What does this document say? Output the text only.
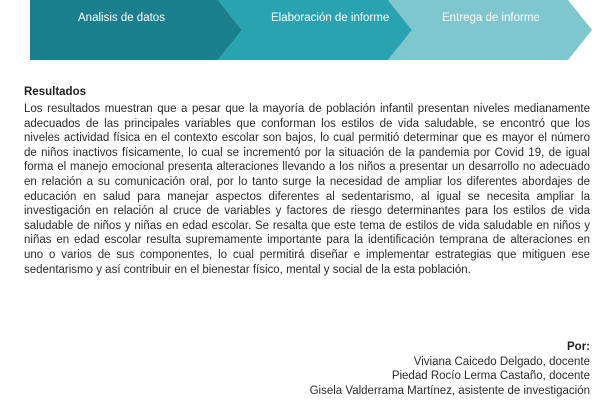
Analisis de datos	Elaboración de informe	Entrega de informe
Resultados

Los resultados muestran que a pesar que la mayoría de población infantil presentan niveles medianamente adecuados de las principales variables que conforman los estilos de vida saludable, se encontró que los niveles actividad física en el contexto escolar son bajos, lo cual permitió determinar que es mayor el número de niños inactivos físicamente, lo cual se incrementó por la situación de la pandemia por Covid 19, de igual forma el manejo emocional presenta alteraciones llevando a los niños a presentar un desarrollo no adecuado en relación a su comunicación oral, por lo tanto surge la necesidad de ampliar los diferentes abordajes de educación en salud para manejar aspectos diferentes al sedentarismo, al igual se necesita ampliar la investigación en relación al cruce de variables y factores de riesgo determinantes para los estilos de vida saludable de niños y niñas en edad escolar. Se resalta que este tema de estilos de vida saludable en niños y niñas en edad escolar resulta supremamente importante para la identificación temprana de alteraciones en uno o varios de sus componentes, lo cual permitirá diseñar e implementar estrategias que mitiguen ese sedentarismo y así contribuir en el bienestar físico, mental y social de la esta población.

Por:
Viviana Caicedo Delgado, docente
Piedad Rocío Lerma Castaño, docente
Gisela Valderrama Martínez, asistente de investigación
